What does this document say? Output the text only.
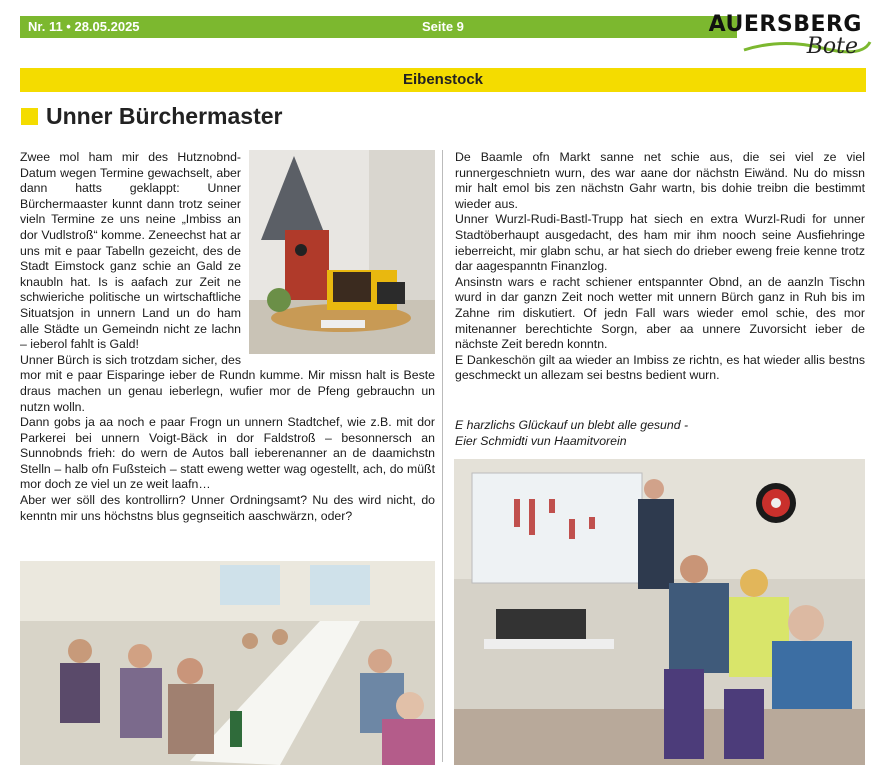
Nr. 11 • 28.05.2025	Seite 9	AUERSBERG
Bote
Eibenstock
Unner Bürchermaster

Zwee mol ham mir des Hutznobnd-Datum wegen Termine gewachselt, aber dann hatts geklappt: Unner Bürchermaaster kunnt dann trotz seiner vieln Termine ze uns neine „Imbiss an dor Vudlstroß“ komme. Zeneechst hat ar uns mit e paar Tabelln gezeicht, des de Stadt Eimstock ganz schie an Gald ze knaubln hat. Is is aafach zur Zeit ne schwieriche politische un wirtschaftliche Situatsjon in unnern Land un do ham alle Städte un Gemeindn nicht ze lachn – ieberol fahlt is Gald!

Unner Bürch is sich trotzdam sicher, des mor mit e paar Eisparinge ieber de Rundn kumme. Mir missn halt is Beste draus machen un genau ieberlegn, wufier mor de Pfeng gebrauchn un nutzn wolln.

Dann gobs ja aa noch e paar Frogn un unnern Stadtchef, wie z.B. mit dor Parkerei bei unnern Voigt-Bäck in dor Faldstroß – besonnersch an Sunnobnds frieh: do wern de Autos ball ieberenanner an de daamichstn Stelln – halb ofn Fußsteich – statt eweng wetter wag ogestellt, ach, do müßt mor doch ze viel un ze weit laafn…

Aber wer söll des kontrollirn? Unner Ordningsamt? Nu des wird nicht, do kenntn mir uns höchstns blus gegnseitich aaschwärzn, oder?

De Baamle ofn Markt sanne net schie aus, die sei viel ze viel runnergeschnietn wurn, des war aane dor nächstn Eiwänd. Nu do missn mir halt emol bis zen nächstn Gahr wartn, bis dohie treibn die bestimmt wieder aus.

Unner Wurzl-Rudi-Bastl-Trupp hat siech en extra Wurzl-Rudi for unner Stadtöberhaupt ausgedacht, des ham mir ihm nooch seine Ausfiehringe ieberreicht, mir glabn schu, ar hat siech do drieber eweng freie kenne trotz dar aagespanntn Finanzlog.

Ansinstn wars e racht schiener entspannter Obnd, an de aanzln Tischn wurd in dar ganzn Zeit noch wetter mit unnern Bürch ganz in Ruh bis im Zahne rim diskutiert. Of jedn Fall wars wieder emol schie, des mor mitenanner berechtichte Sorgn, aber aa unnere Zuvorsicht ieber de nächste Zeit beredn konntn.

E Dankeschön gilt aa wieder an Imbiss ze richtn, es hat wieder allis bestns geschmeckt un allezam sei bestns bedient wurn.

E harzlichs Glückauf un blebt alle gesund -
Eier Schmidti vun Haamitvorein
